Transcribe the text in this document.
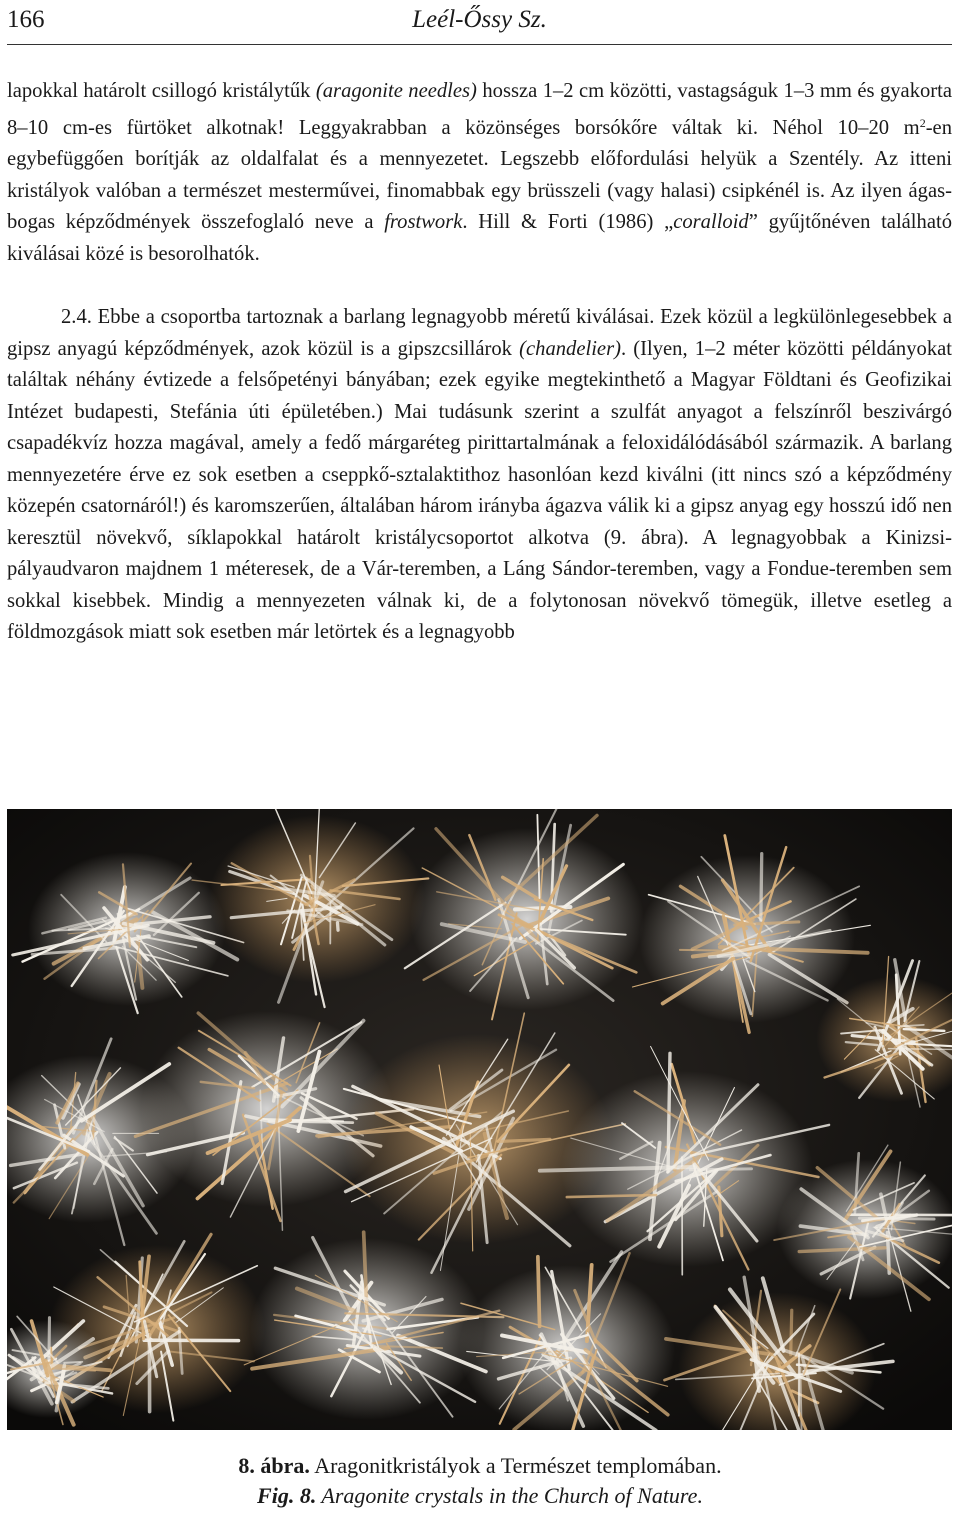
166	Leél-Őssy Sz.

lapokkal határolt csillogó kristálytűk (aragonite needles) hossza 1–2 cm közötti, vastagságuk 1–3 mm és gyakorta 8–10 cm-es fürtöket alkotnak! Leggyakrabban a közönséges borsókőre váltak ki. Néhol 10–20 $m^2-en$ egybefüggően borítják az oldalfalat és a mennyezetet. Legszebb előfordulási helyük a Szentély. Az itteni kristályok valóban a természet mesterművei, finomabbak egy brüsszeli (vagy halasi) csipkénél is. Az ilyen ágas-bogas képződmények összefoglaló neve a frostwork. Hill & Forti (1986) „coralloid” gyűjtőnéven található kiválásai közé is besorolhatók.

2.4. Ebbe a csoportba tartoznak a barlang legnagyobb méretű kiválásai. Ezek közül a legkülönlegesebbek a gipsz anyagú képződmények, azok közül is a gipszcsillárok (chandelier). (Ilyen, 1–2 méter közötti példányokat találtak néhány évtizede a felsőpetényi bányában; ezek egyike megtekinthető a Magyar Földtani és Geofizikai Intézet budapesti, Stefánia úti épületében.) Mai tudásunk szerint a szulfát anyagot a felszínről beszivárgó csapadékvíz hozza magával, amely a fedő márgaréteg pirittartalmának a feloxidálódásából származik. A barlang mennyezetére érve ez sok esetben a cseppkő-sztalaktithoz hasonlóan kezd kiválni (itt nincs szó a képződmény közepén csatornáról!) és karomszerűen, általában három irányba ágazva válik ki a gipsz anyag egy hosszú idő nen keresztül növekvő, síklapokkal határolt kristálycsoportot alkotva (9. ábra). A legnagyobbak a Kinizsi-pályaudvaron majdnem 1 méteresek, de a Vár-teremben, a Láng Sándor-teremben, vagy a Fondue-teremben sem sokkal kisebbek. Mindig a mennyezeten válnak ki, de a folytonosan növekvő tömegük, illetve esetleg a földmozgások miatt sok esetben már letörtek és a legnagyobb

8. ábra. Aragonitkristályok a Természet templomában.
Fig. 8. Aragonite crystals in the Church of Nature.
